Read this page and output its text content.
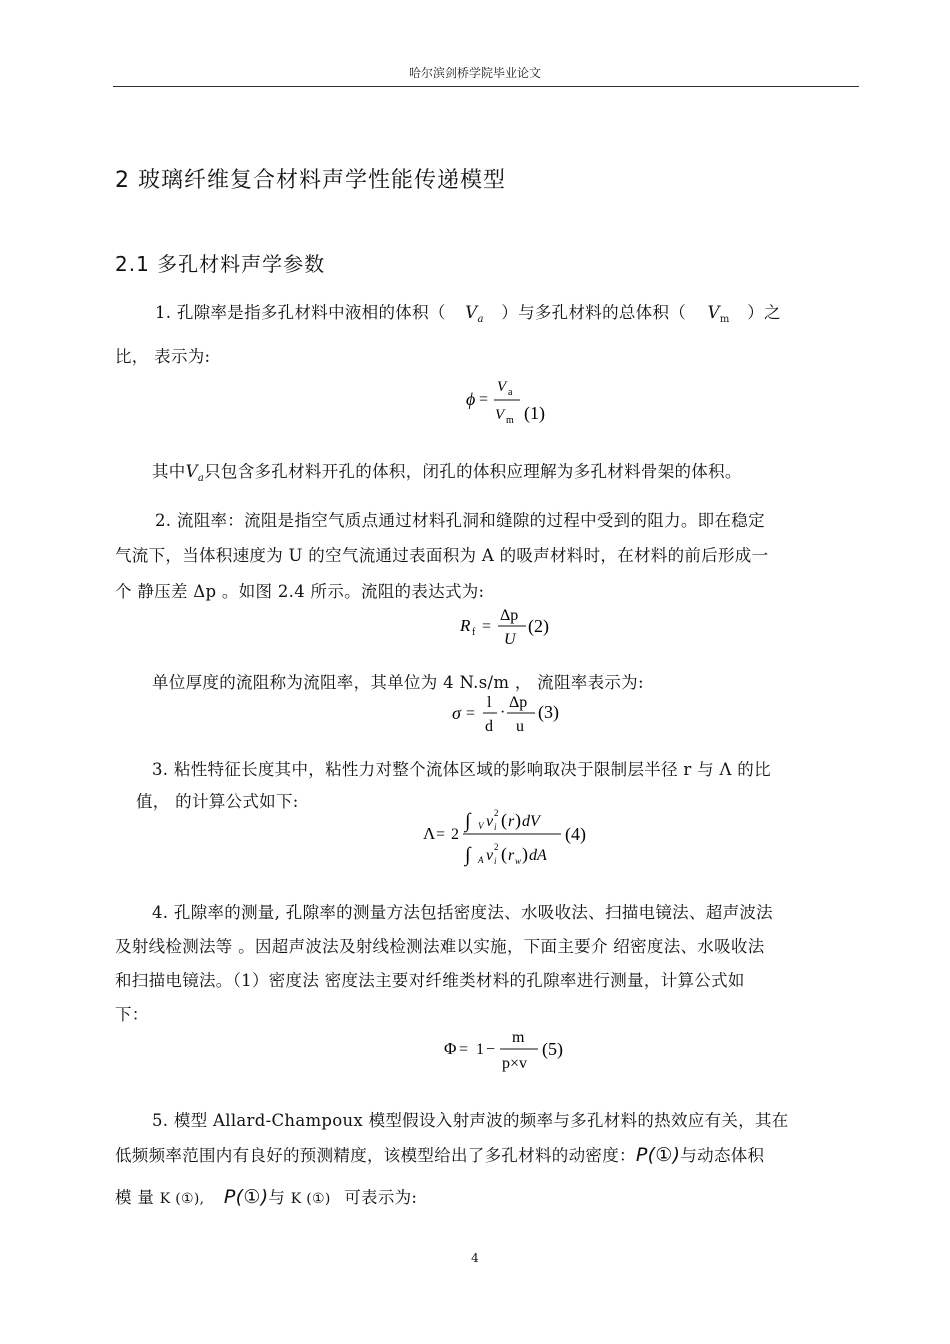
哈尔滨剑桥学院毕业论文
2 玻璃纤维复合材料声学性能传递模型
2.1 多孔材料声学参数
1. 孔隙率是指多孔材料中液相的体积（ $V_a$ ）与多孔材料的总体积（ $V_m$ ）之
比， 表示为:
ϕ =
V a
V m (1)
其中$V_a$只包含多孔材料开孔的体积，闭孔的体积应理解为多孔材料骨架的体积。
2. 流阻率：流阻是指空气质点通过材料孔洞和缝隙的过程中受到的阻力。即在稳定
气流下，当体积速度为 U 的空气流通过表面积为 A 的吸声材料时，在材料的前后形成一
个 静压差 Δp 。如图 2.4 所示。流阻的表达式为:
R f =
Δp
U
(2)
单位厚度的流阻称为流阻率，其单位为 4 N.s/m ， 流阻率表示为:
σ =
l
d
·
Δp
u
(3)
3. 粘性特征长度其中，粘性力对整个流体区域的影响取决于限制层半径 r 与 Λ 的比
值， 的计算公式如下:
Λ = 2
∫ V v i
2 ( r ) dV
∫ A v i
2 ( r w ) dA
(4)
4. 孔隙率的测量, 孔隙率的测量方法包括密度法、水吸收法、扫描电镜法、超声波法
及射线检测法等 。因超声波法及射线检测法难以实施，下面主要介 绍密度法、水吸收法
和扫描电镜法。（1）密度法 密度法主要对纤维类材料的孔隙率进行测量，计算公式如
下：
Φ = 1 −
m
p×v
(5)
5. 模型 Allard-Champoux 模型假设入射声波的频率与多孔材料的热效应有关，其在
低频频率范围内有良好的预测精度，该模型给出了多孔材料的动密度：P(①)与动态体积
模 量 K (①), P(①)与 K (①) 可表示为:
4
